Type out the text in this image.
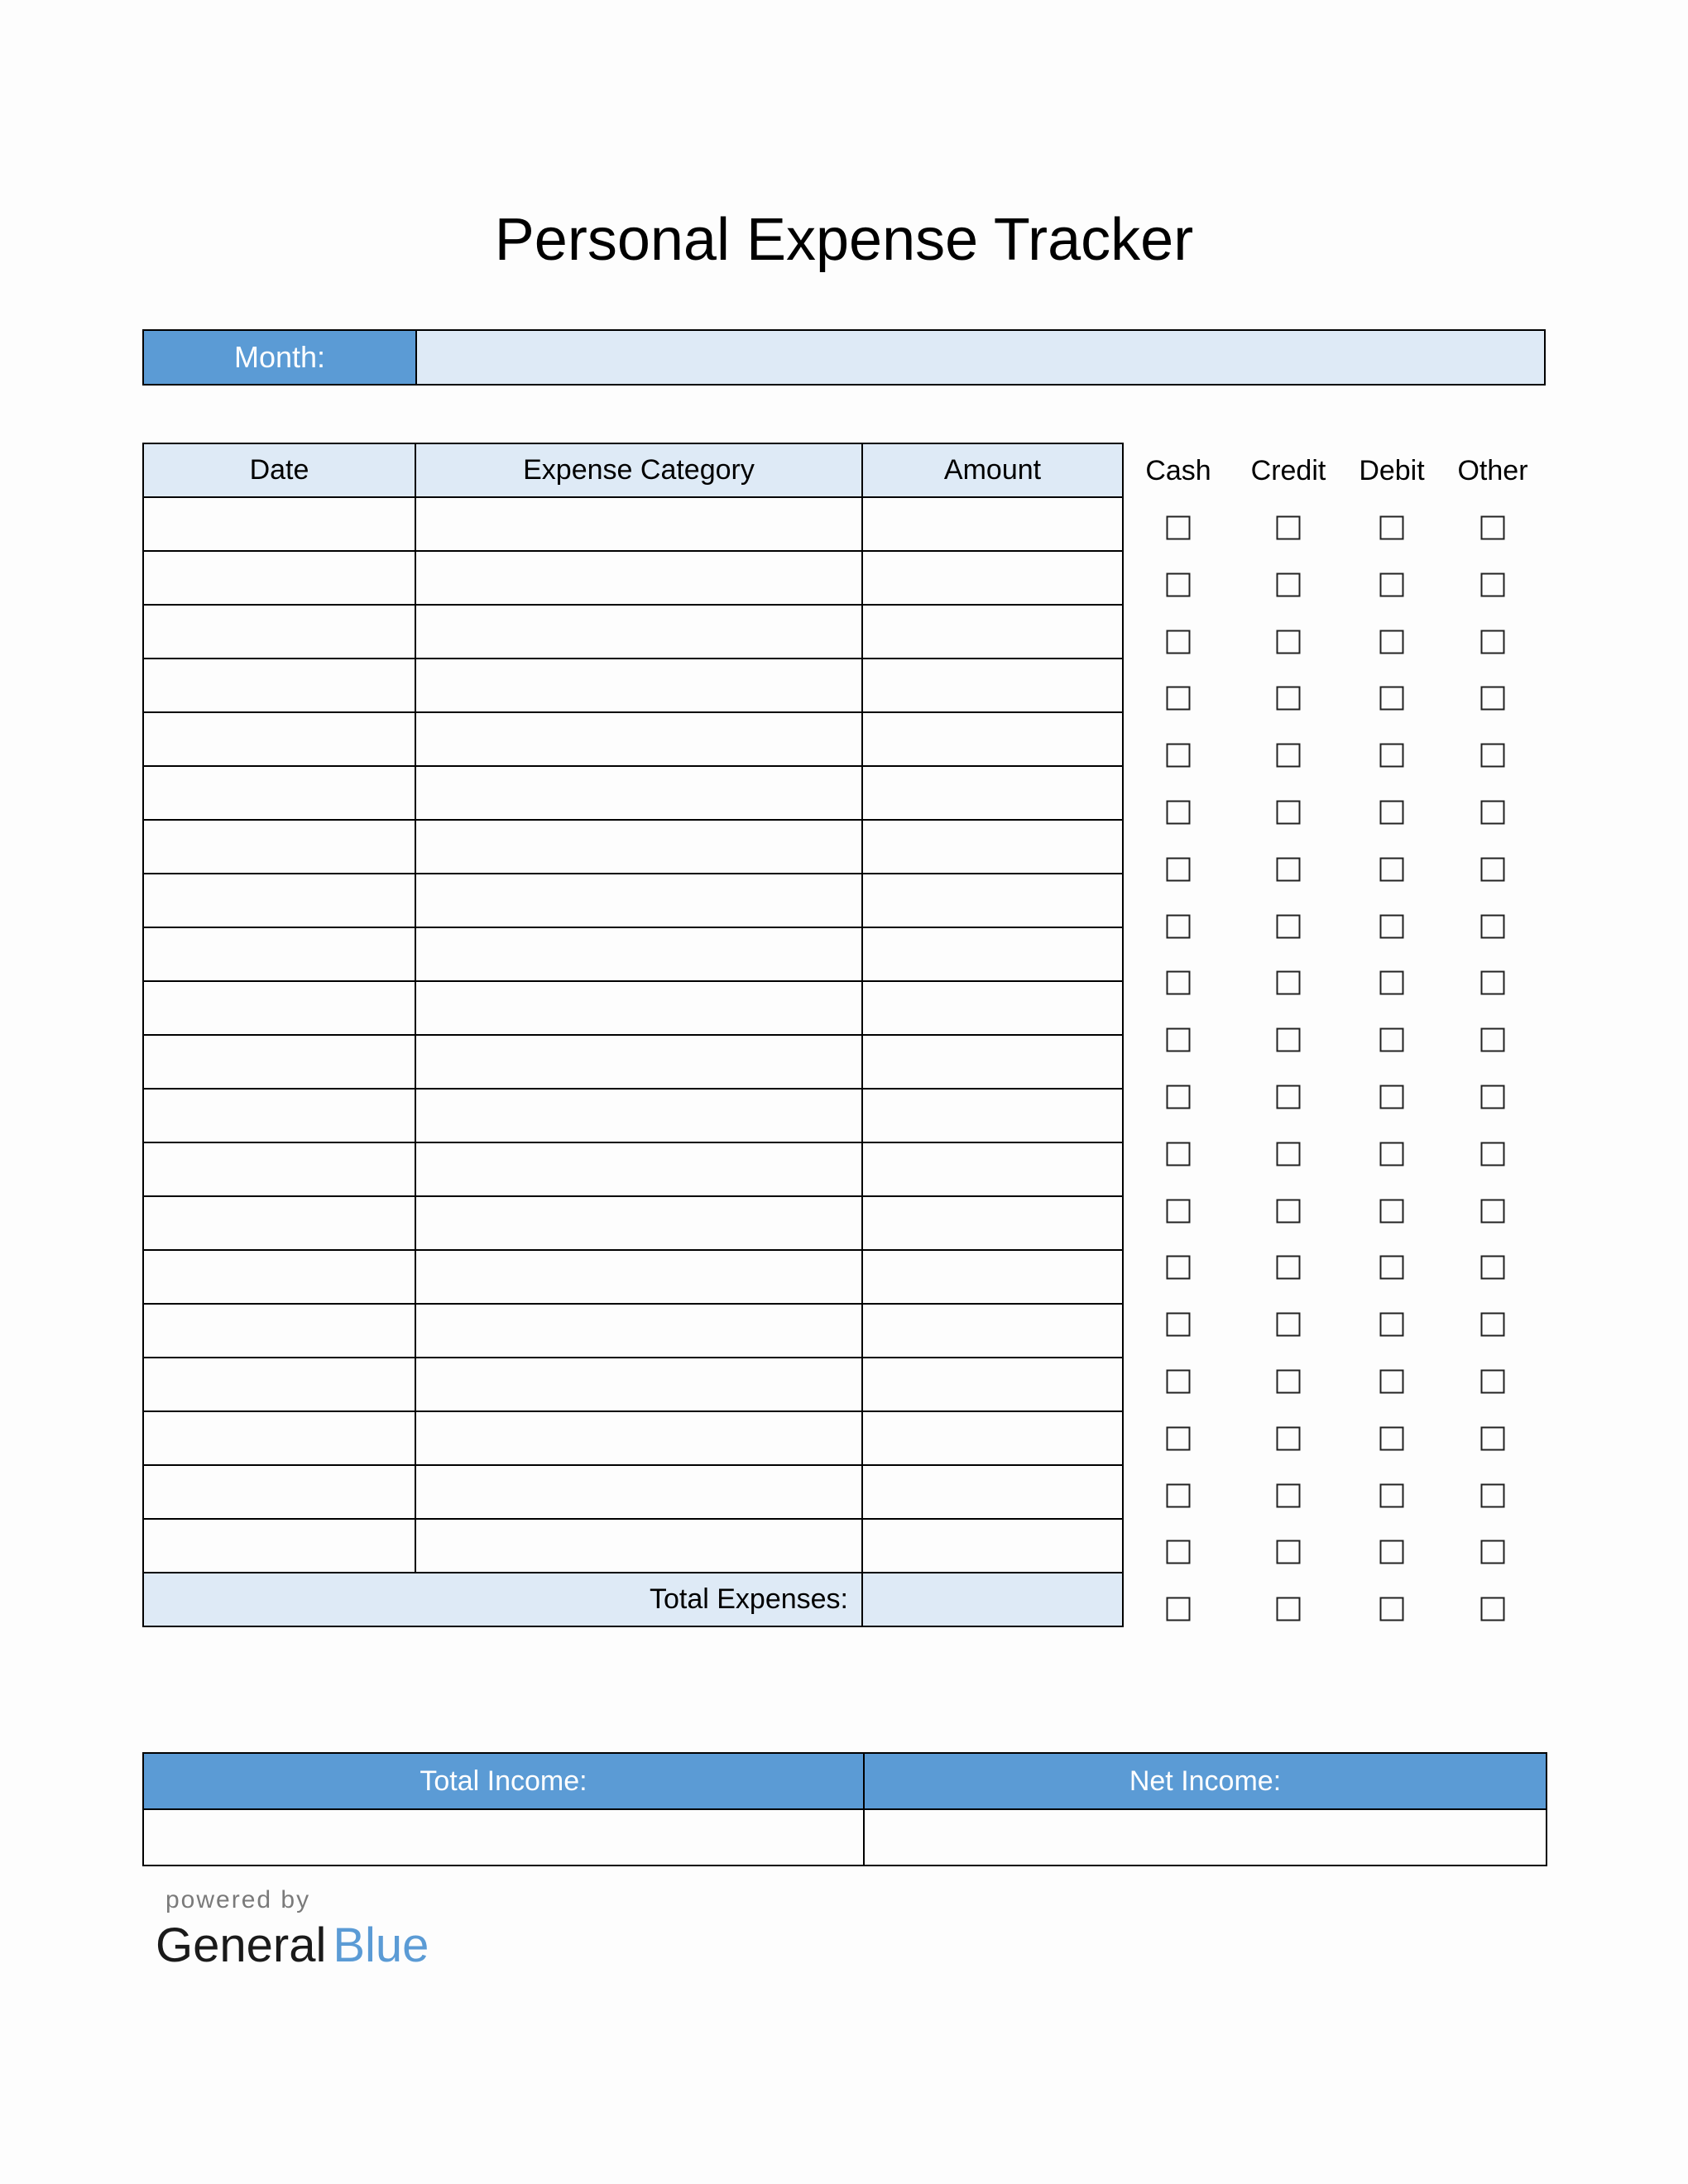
Personal Expense Tracker
Month:
Date	Expense Category	Amount

Total Expenses:		
Cash Credit Debit Other
Total Income:	Net Income:

powered by
General Blue
